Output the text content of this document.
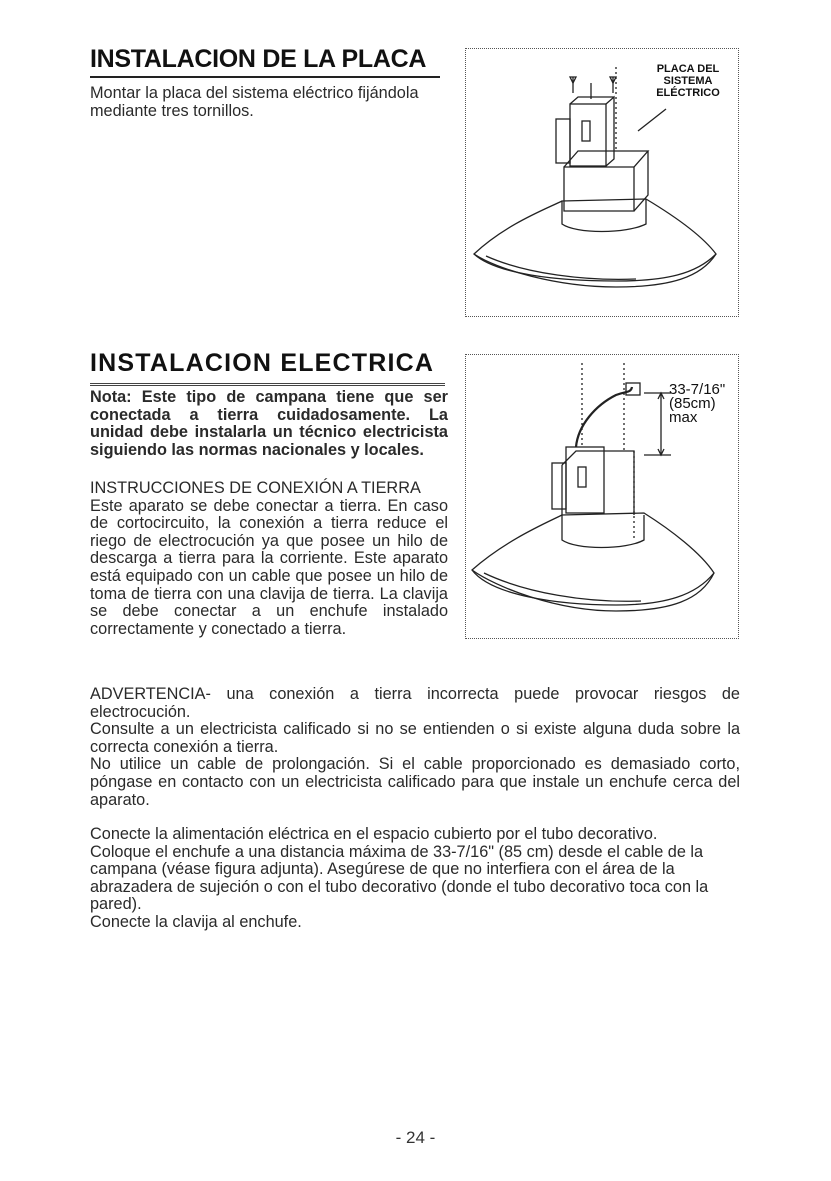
INSTALACION DE LA PLACA

Montar la placa del sistema eléctrico fijándola mediante tres tornillos.

PLACA DEL SISTEMA ELÉCTRICO
INSTALACION ELECTRICA

Nota: Este tipo de campana tiene que ser conectada a tierra cuidadosamente. La unidad debe instalarla un técnico electricista siguiendo las normas nacionales y locales.

INSTRUCCIONES DE CONEXIÓN A TIERRA
Este aparato se debe conectar a tierra. En caso de cortocircuito, la conexión a tierra reduce el riego de electrocución ya que posee un hilo de descarga a tierra para la corriente. Este aparato está equipado con un cable que posee un hilo de toma de tierra con una clavija de tierra. La clavija se debe conectar a un enchufe instalado correctamente y conectado a tierra.
33-7/16" (85cm) max
ADVERTENCIA- una conexión a tierra incorrecta puede provocar riesgos de electrocución.
Consulte a un electricista calificado si no se entienden o si existe alguna duda sobre la correcta conexión a tierra.
No utilice un cable de prolongación. Si el cable proporcionado es demasiado corto, póngase en contacto con un electricista calificado para que instale un enchufe cerca del aparato.
Conecte la alimentación eléctrica en el espacio cubierto por el tubo decorativo.
Coloque el enchufe a una distancia máxima de 33-7/16" (85 cm) desde el cable de la campana (véase figura adjunta). Asegúrese de que no interfiera con el área de la abrazadera de sujeción o con el tubo decorativo (donde el tubo decorativo toca con la pared).
Conecte la clavija al enchufe.
- 24 -
